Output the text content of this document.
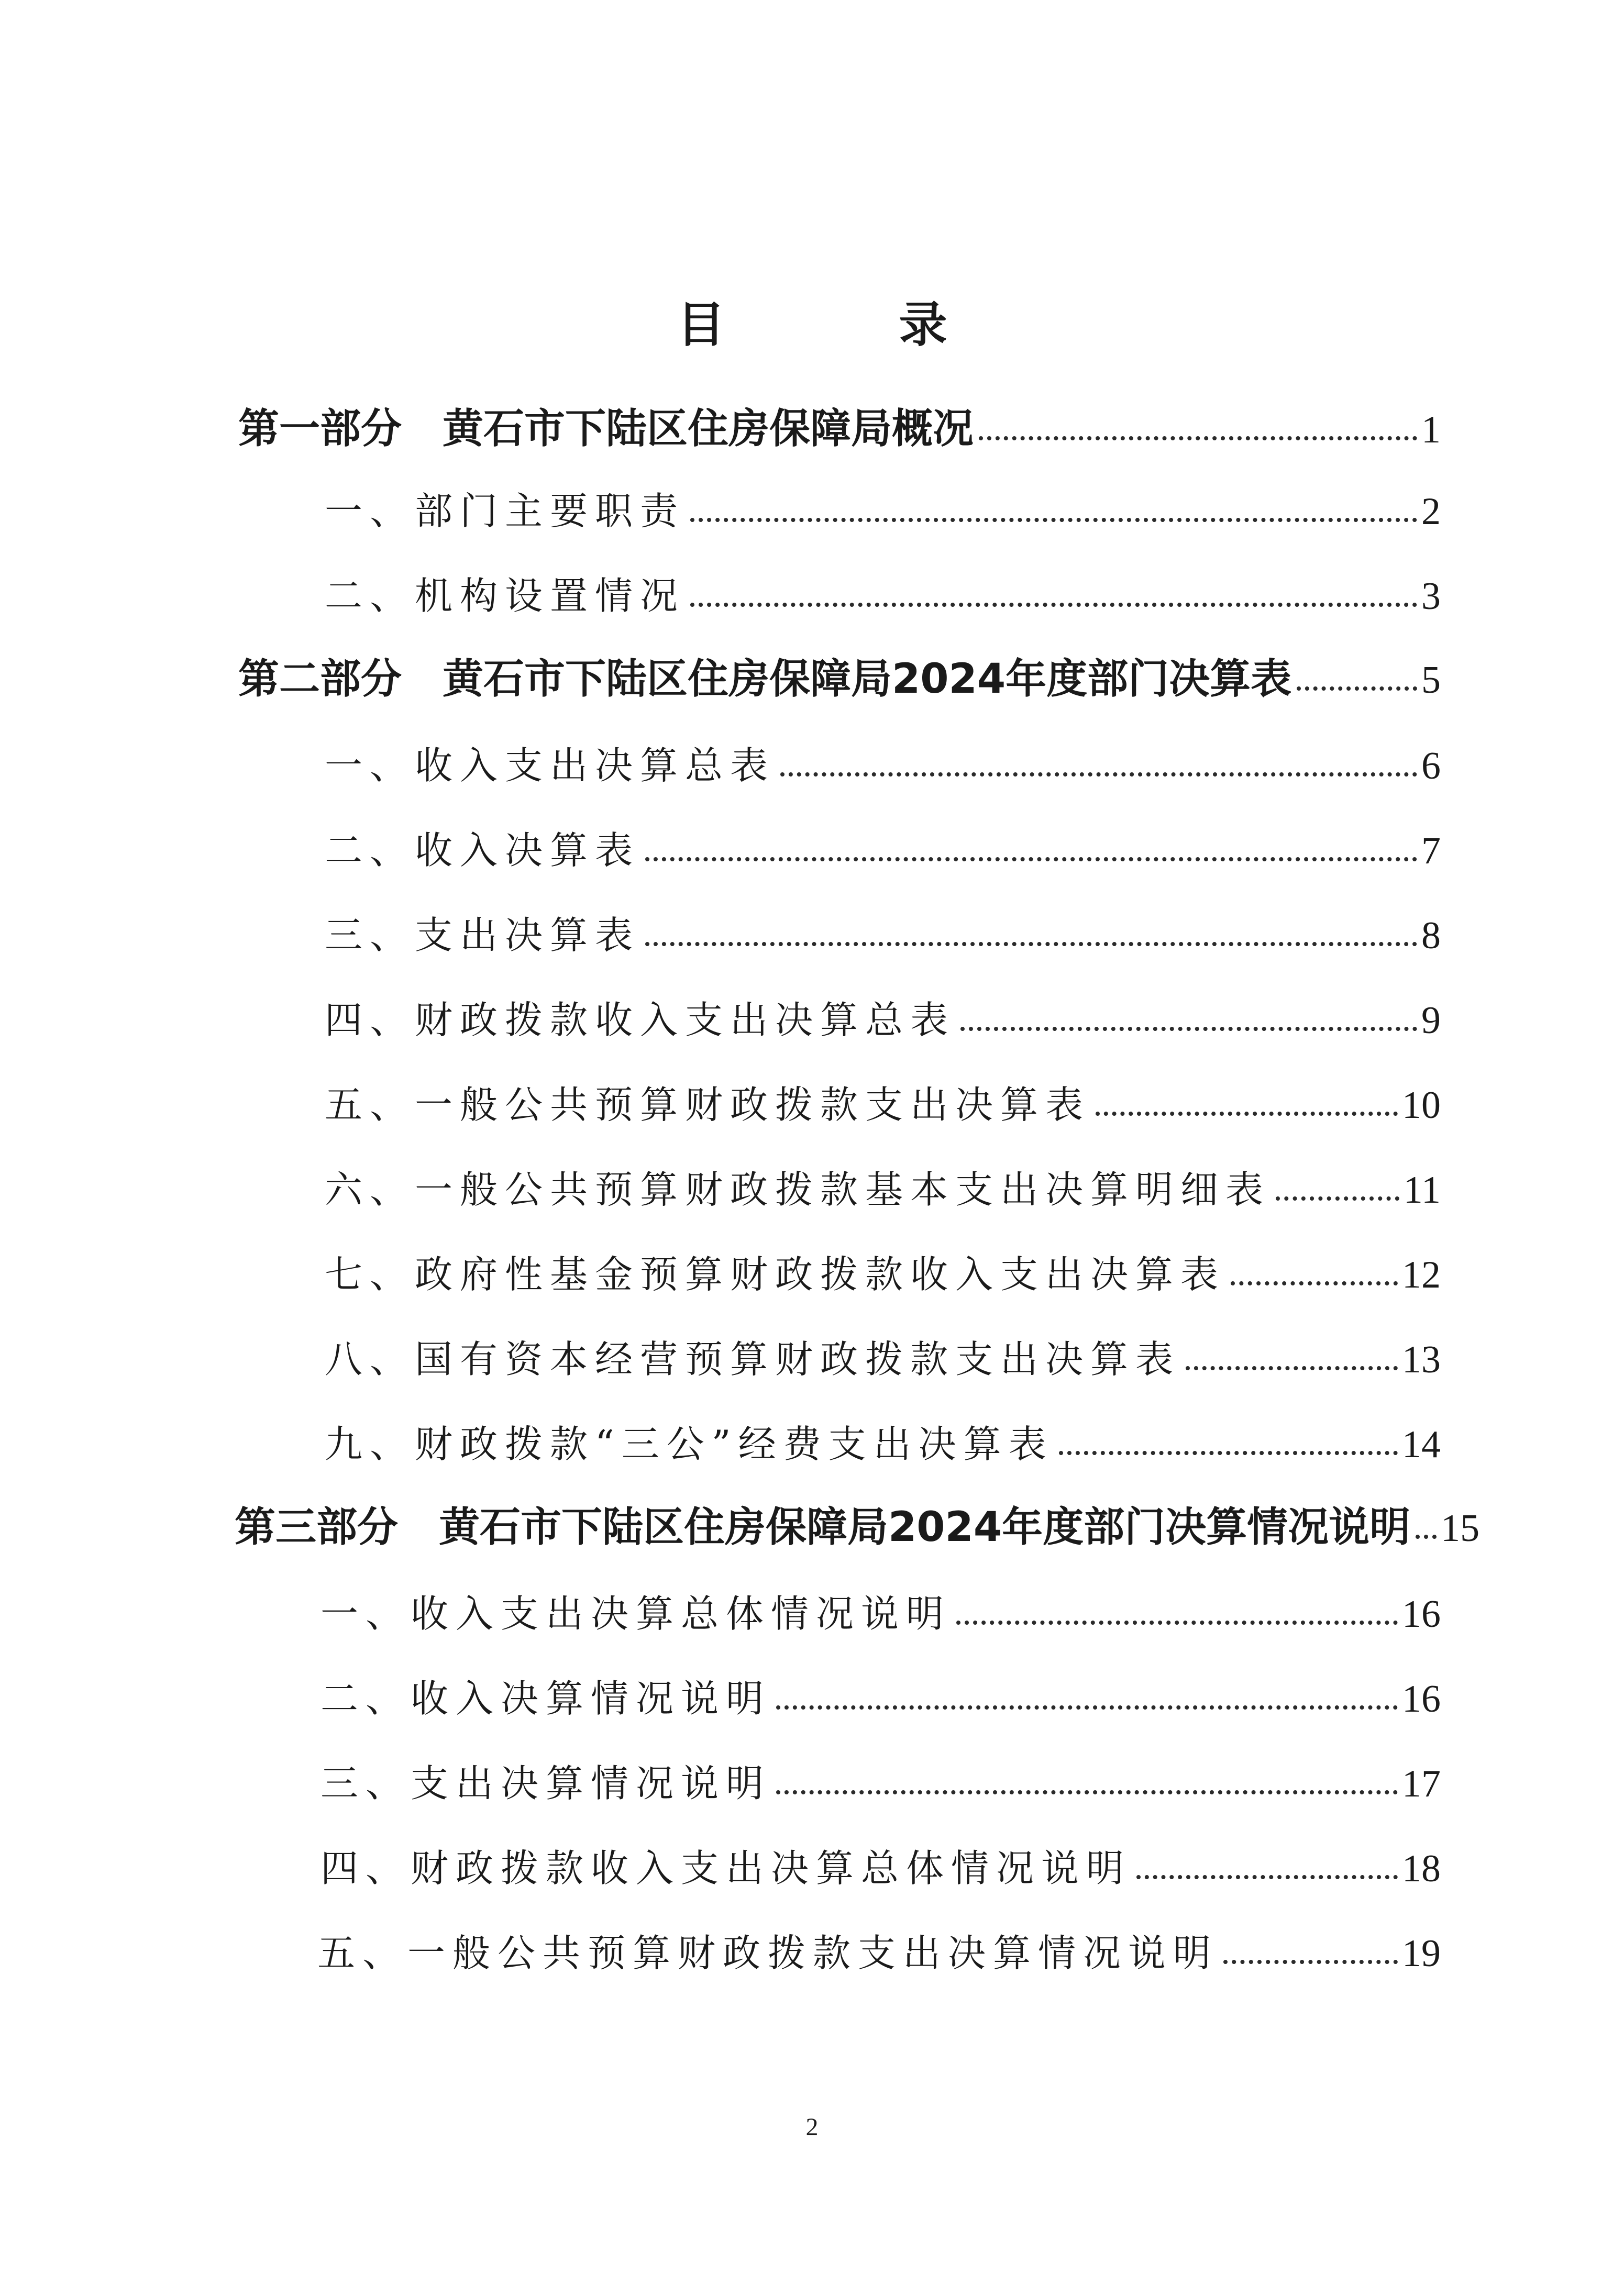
目 录
第一部分　黄石市下陆区住房保障局概况	1
一、部门主要职责	2
二、机构设置情况	3
第二部分　黄石市下陆区住房保障局2024年度部门决算表	5
一、收入支出决算总表	6
二、收入决算表	7
三、支出决算表	8
四、财政拨款收入支出决算总表	9
五、一般公共预算财政拨款支出决算表	10
六、一般公共预算财政拨款基本支出决算明细表	11
七、政府性基金预算财政拨款收入支出决算表	12
八、国有资本经营预算财政拨款支出决算表	13
九、财政拨款“三公”经费支出决算表	14
第三部分　黄石市下陆区住房保障局2024年度部门决算情况说明 15
一、收入支出决算总体情况说明	16
二、收入决算情况说明	16
三、支出决算情况说明	17
四、财政拨款收入支出决算总体情况说明	18
五、一般公共预算财政拨款支出决算情况说明	19
2
